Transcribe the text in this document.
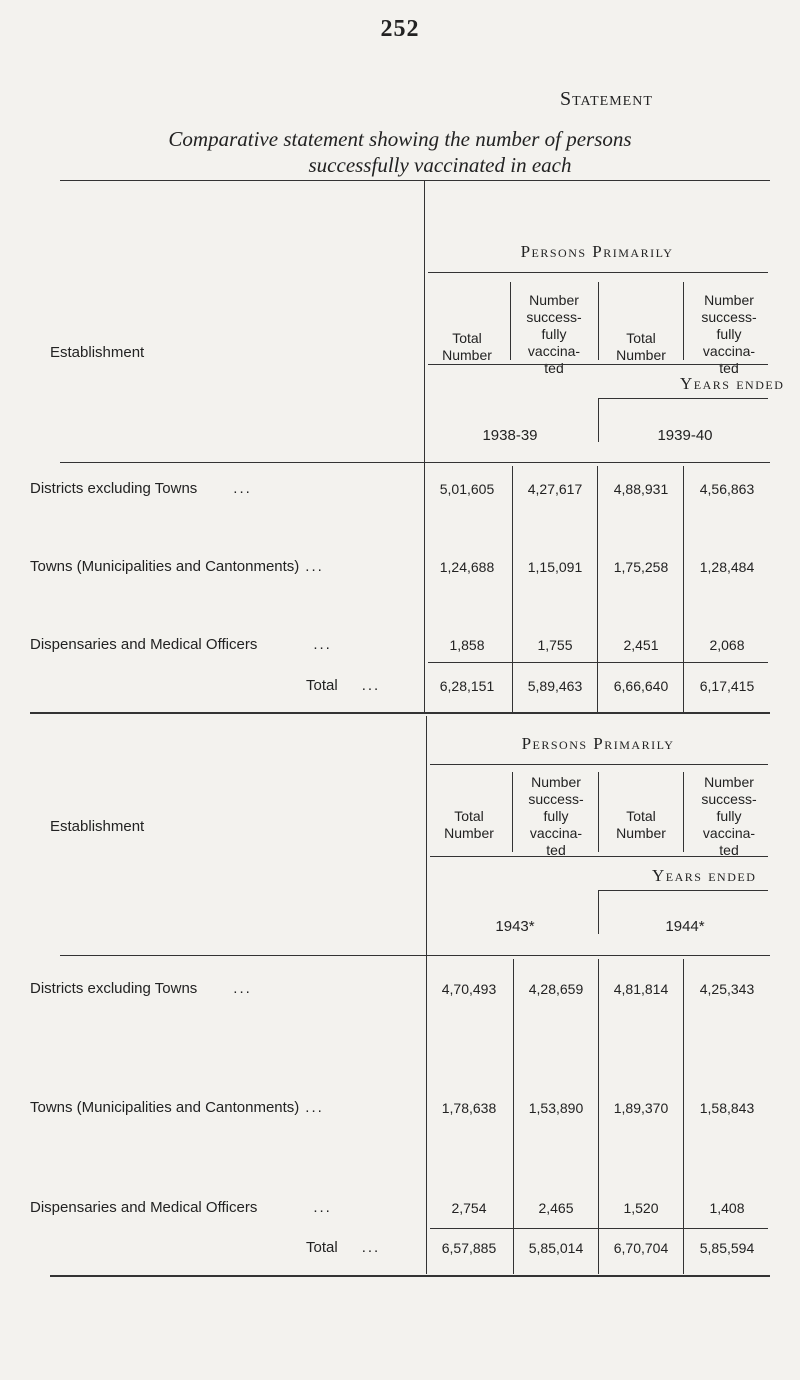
252
Statement
Comparative statement showing the number of persons
successfully vaccinated in each
Persons Primarily
Establishment
Total
Number
Number
success-
fully
vaccina-
ted
Total
Number
Number
success-
fully
vaccina-
ted
Years ended
1938-39	1939-40
Districts excluding Towns ...	5,01,605	4,27,617	4,88,931	4,56,863
Towns (Municipalities and Cantonments) ...	1,24,688	1,15,091	1,75,258	1,28,484
Dispensaries and Medical Officers	...	1,858	1,755	2,451	2,068
Total ...	6,28,151	5,89,463	6,66,640	6,17,415
Persons Primarily
Establishment
Total
Number
Number
success-
fully
vaccina-
ted
Total
Number
Number
success-
fully
vaccina-
ted
Years ended
1943*	1944*
Districts excluding Towns ...	4,70,493	4,28,659	4,81,814	4,25,343
Towns (Municipalities and Cantonments) ...	1,78,638	1,53,890	1,89,370	1,58,843
Dispensaries and Medical Officers	...	2,754	2,465	1,520	1,408
Total ...	6,57,885	5,85,014	6,70,704	5,85,594
